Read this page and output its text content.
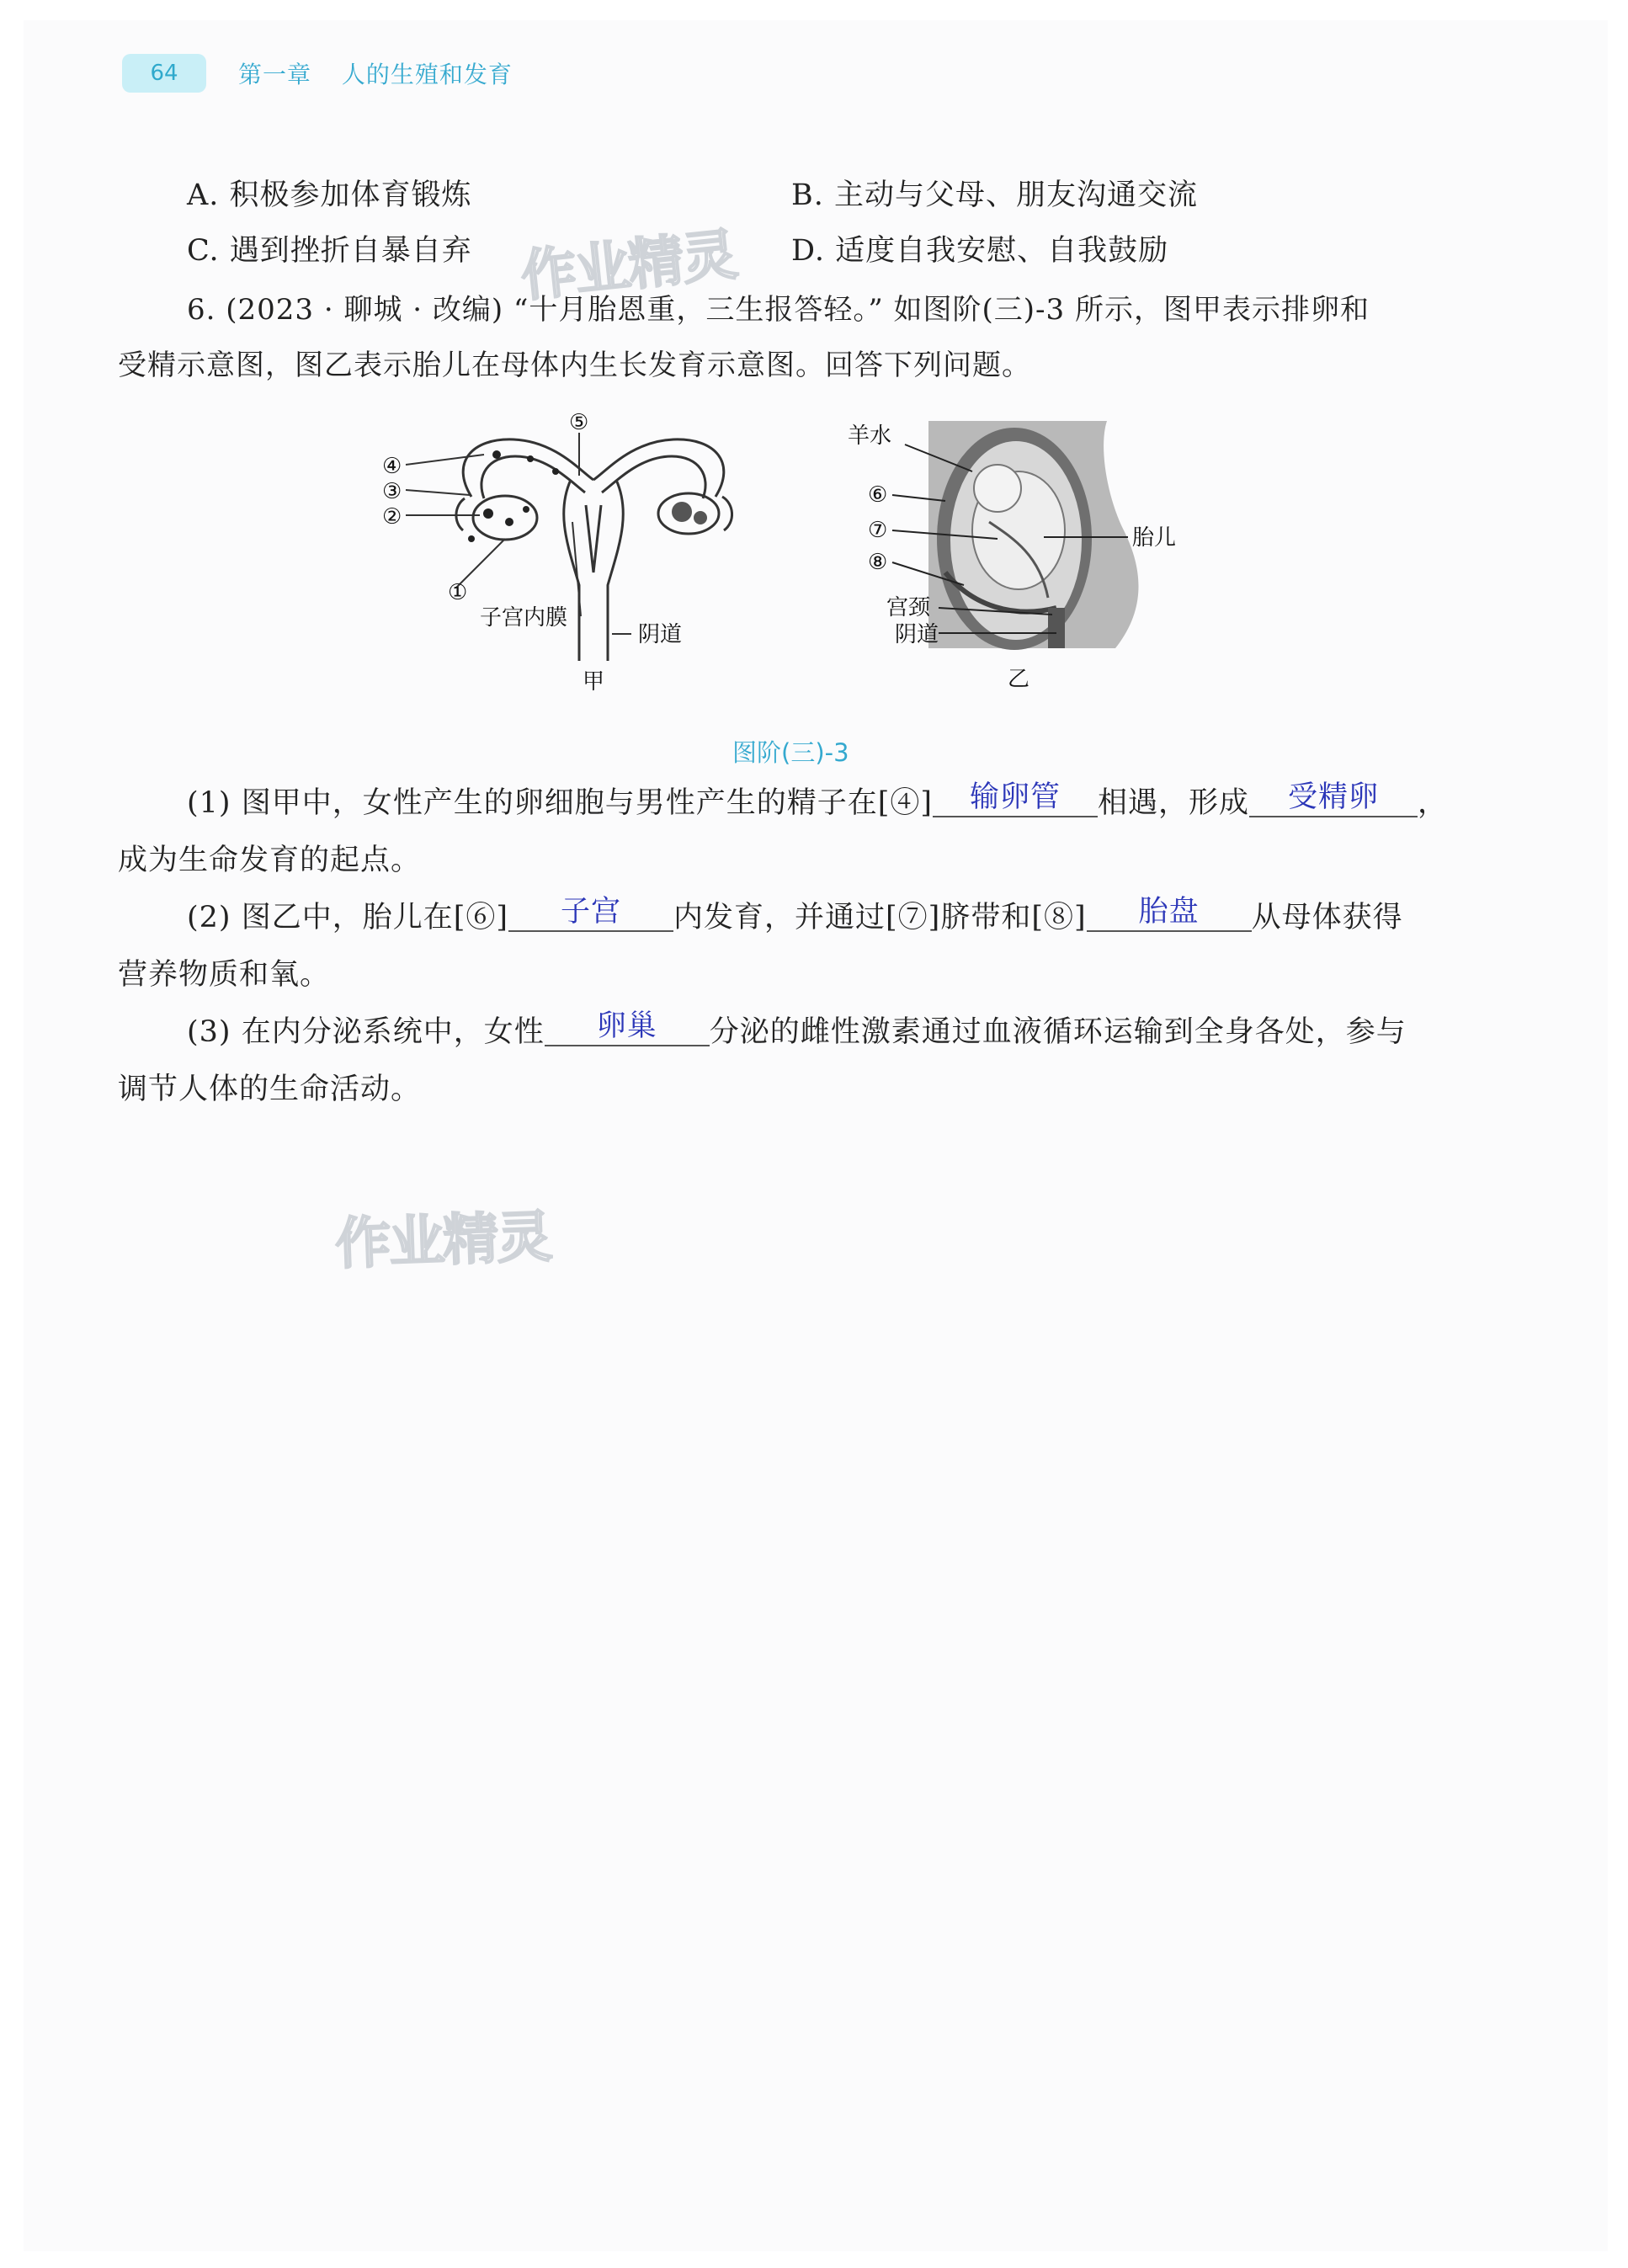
64	第一章 人的生殖和发育
A. 积极参加体育锻炼	B. 主动与父母、朋友沟通交流
C. 遇到挫折自暴自弃	D. 适度自我安慰、自我鼓励
作业精灵
6. (2023 · 聊城 · 改编) “十月胎恩重，三生报答轻。” 如图阶(三)-3 所示，图甲表示排卵和
受精示意图，图乙表示胎儿在母体内生长发育示意图。回答下列问题。
④
③
②
①
⑤
子宫内膜
阴道
甲
羊水
⑥
⑦
⑧
胎儿
宫颈
阴道
乙
图阶(三)-3
(1) 图甲中，女性产生的卵细胞与男性产生的精子在[④]	输卵管	相遇，形成	受精卵	，
成为生命发育的起点。
(2) 图乙中，胎儿在[⑥]	子宫	内发育，并通过[⑦]脐带和[⑧]	胎盘	从母体获得
营养物质和氧。
(3) 在内分泌系统中，女性	卵巢	分泌的雌性激素通过血液循环运输到全身各处，参与
调节人体的生命活动。
作业精灵
